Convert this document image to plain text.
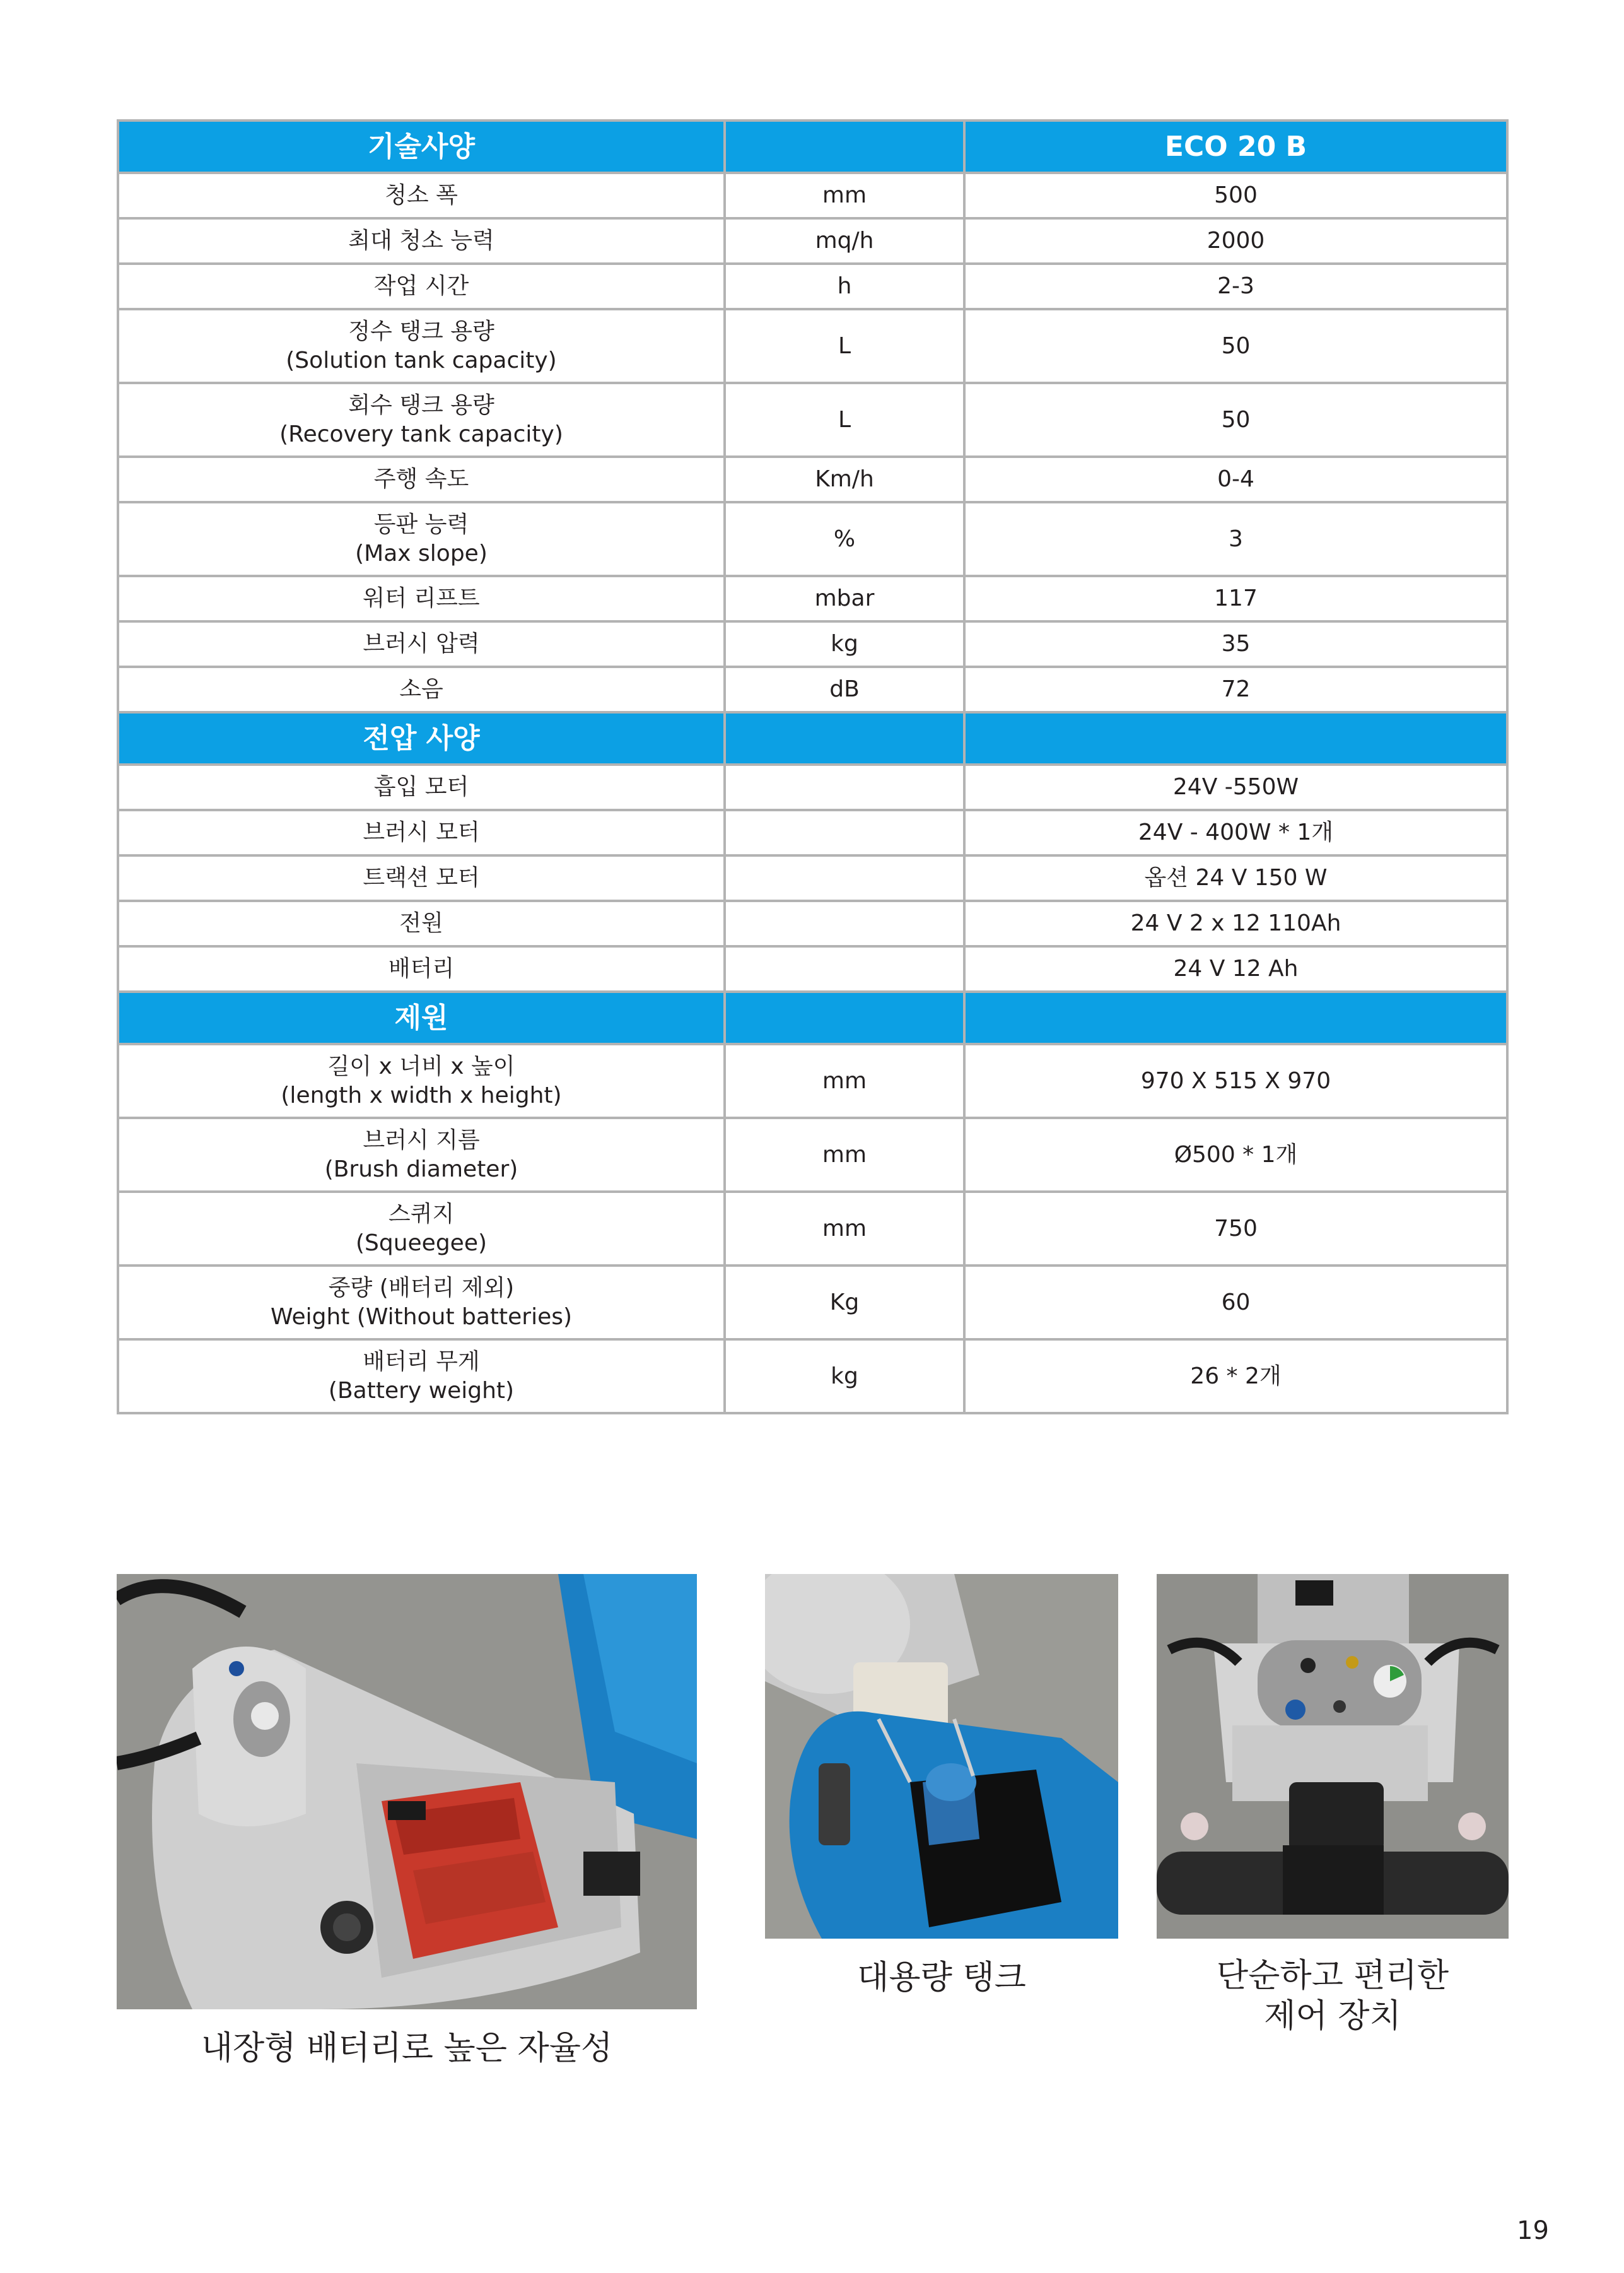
기술사양		ECO 20 B

청소 폭	mm	500

최대 청소 능력	mq/h	2000

작업 시간	h	2-3

정수 탱크 용량
(Solution tank capacity)	L	50

회수 탱크 용량
(Recovery tank capacity)	L	50

주행 속도	Km/h	0-4

등판 능력
(Max slope)	%	3

워터 리프트	mbar	117

브러시 압력	kg	35

소음	dB	72
전압 사양		
흡입 모터		24V -550W
브러시 모터		24V - 400W * 1개
트랙션 모터		옵션 24 V 150 W
전원		24 V 2 x 12 110Ah
배터리		24 V 12 Ah
제원		

길이 x 너비 x 높이
(length x width x height)	mm	970 X 515 X 970

브러시 지름
(Brush diameter)	mm	Ø500 * 1개

스퀴지
(Squeegee)	mm	750

중량 (배터리 제외)
Weight (Without batteries)	Kg	60

배터리 무게
(Battery weight)	kg	26 * 2개
내장형 배터리로 높은 자율성
대용량 탱크	단순하고 편리한
제어 장치
19
